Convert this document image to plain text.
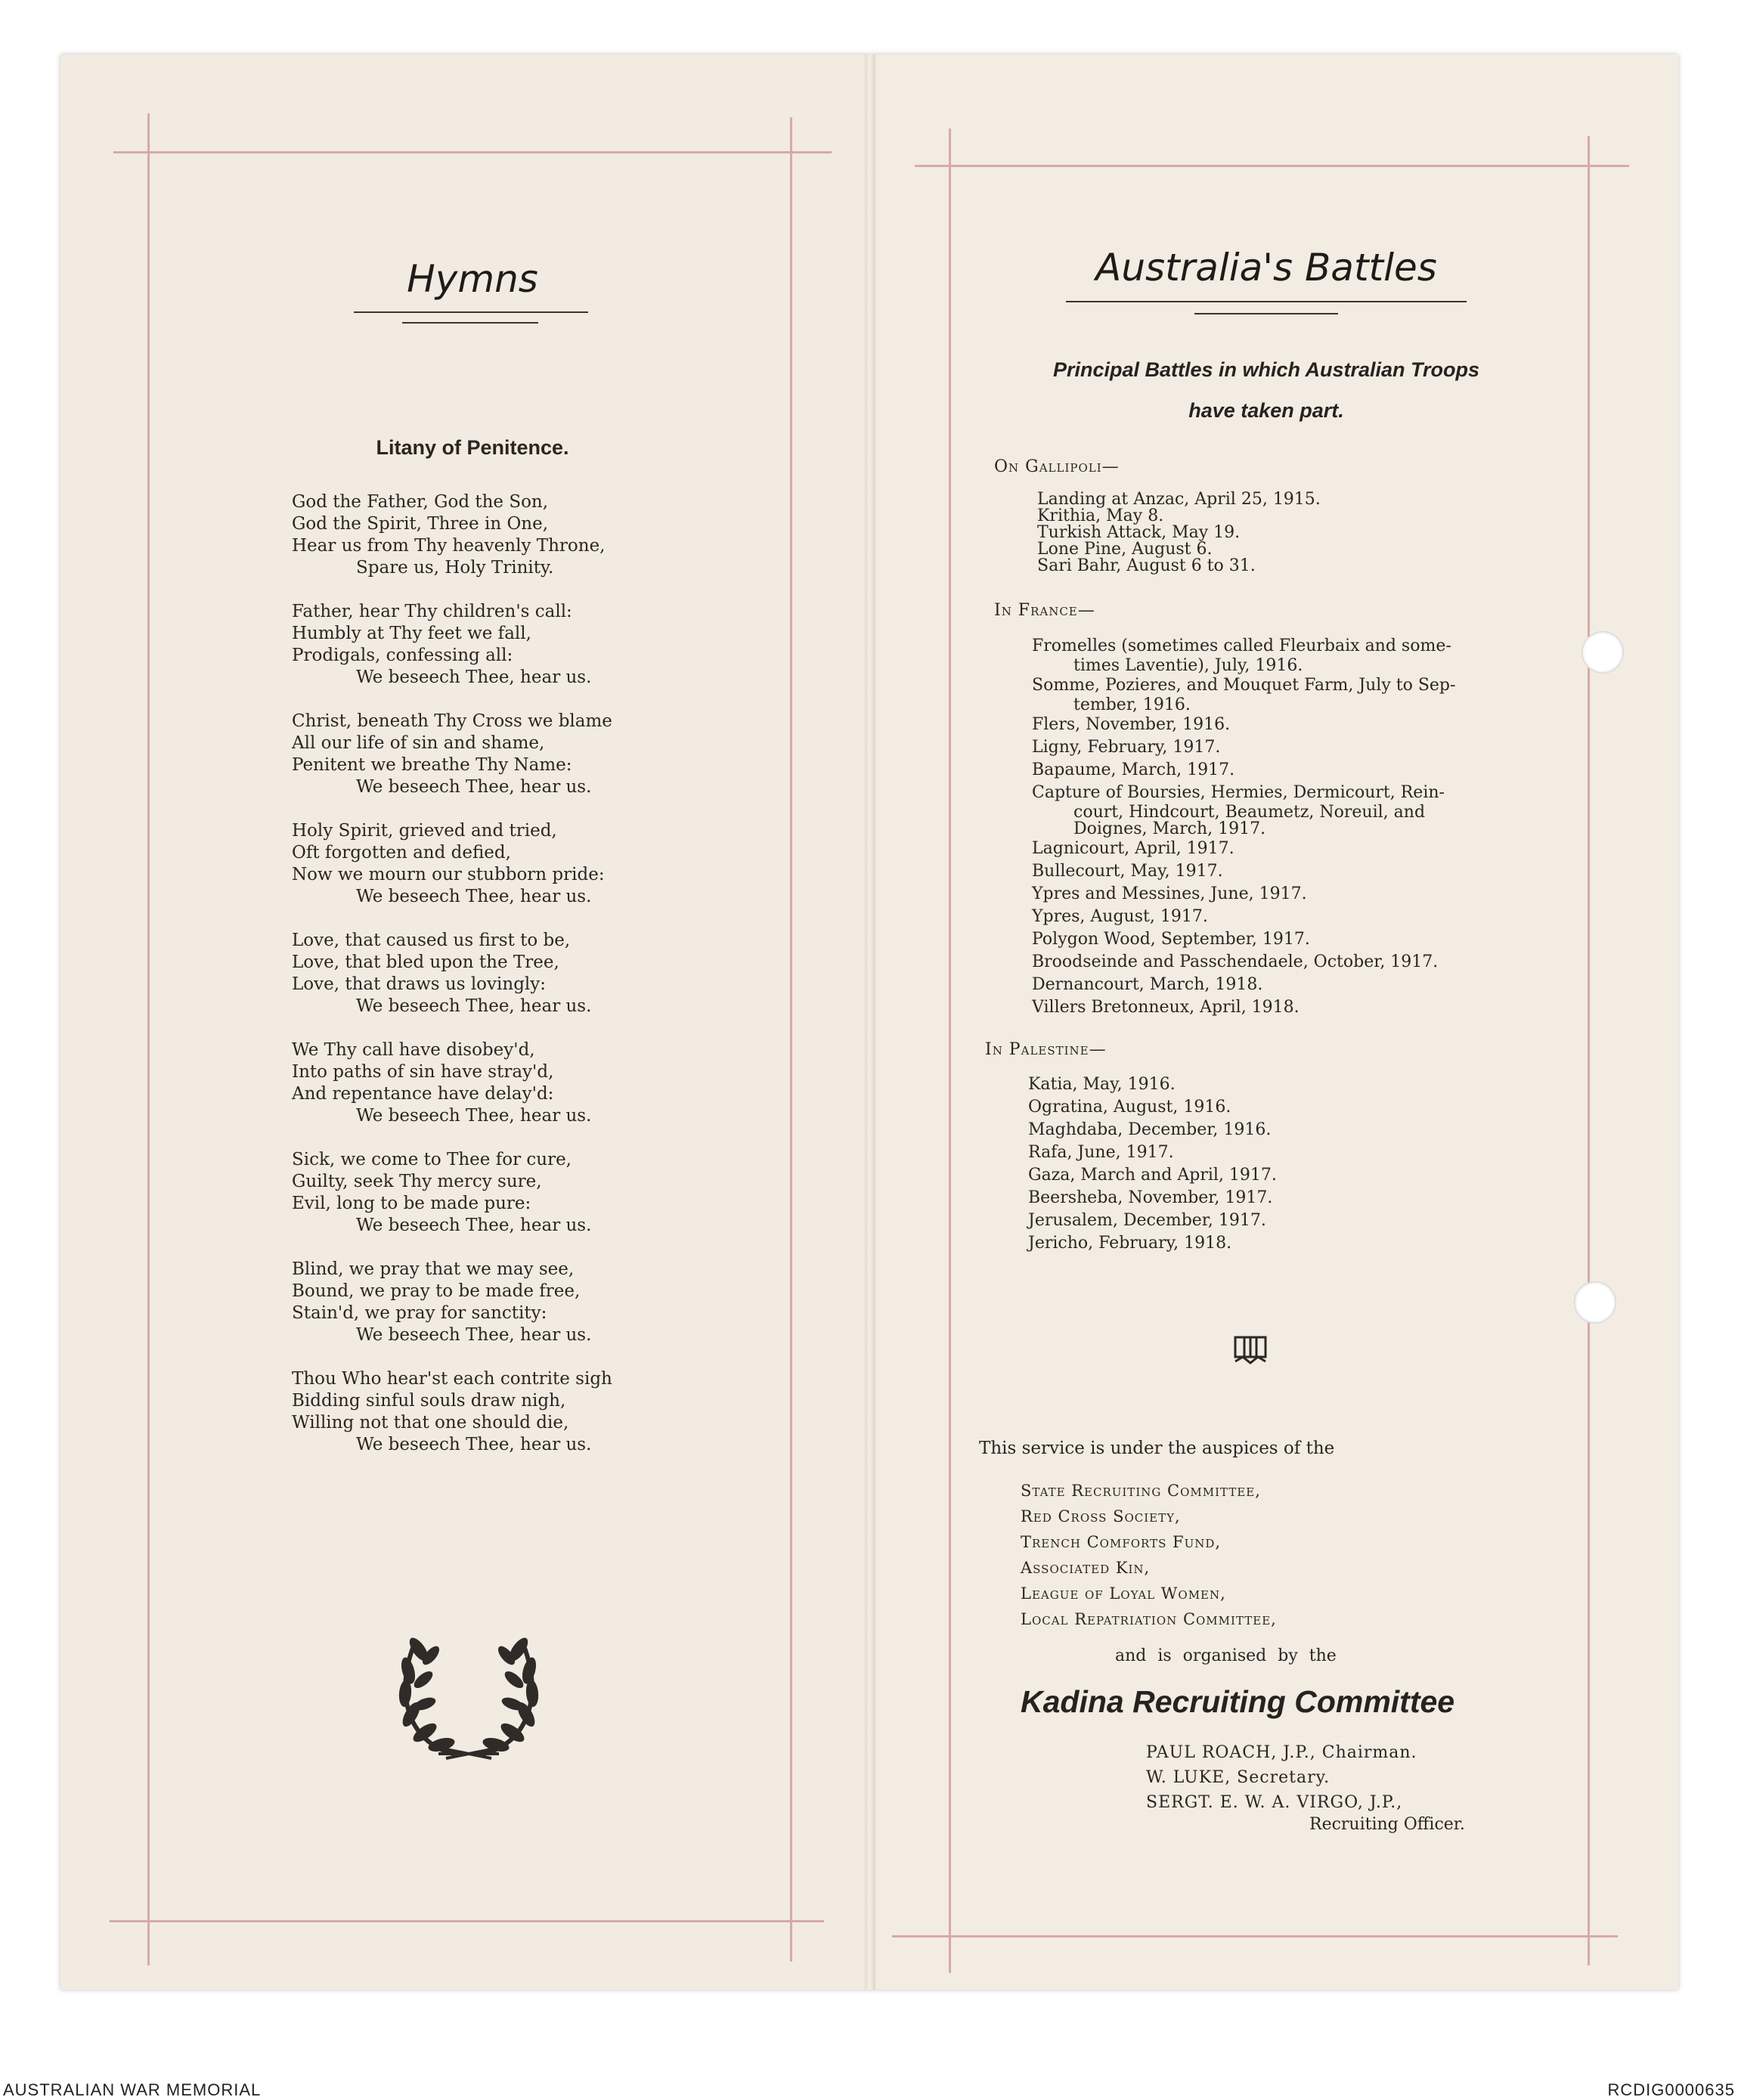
Hymns
Litany of Penitence.
God the Father, God the Son,
God the Spirit, Three in One,
Hear us from Thy heavenly Throne,
Spare us, Holy Trinity.
Father, hear Thy children's call:
Humbly at Thy feet we fall,
Prodigals, confessing all:
We beseech Thee, hear us.
Christ, beneath Thy Cross we blame
All our life of sin and shame,
Penitent we breathe Thy Name:
We beseech Thee, hear us.
Holy Spirit, grieved and tried,
Oft forgotten and defied,
Now we mourn our stubborn pride:
We beseech Thee, hear us.
Love, that caused us first to be,
Love, that bled upon the Tree,
Love, that draws us lovingly:
We beseech Thee, hear us.
We Thy call have disobey'd,
Into paths of sin have stray'd,
And repentance have delay'd:
We beseech Thee, hear us.
Sick, we come to Thee for cure,
Guilty, seek Thy mercy sure,
Evil, long to be made pure:
We beseech Thee, hear us.
Blind, we pray that we may see,
Bound, we pray to be made free,
Stain'd, we pray for sanctity:
We beseech Thee, hear us.
Thou Who hear'st each contrite sigh
Bidding sinful souls draw nigh,
Willing not that one should die,
We beseech Thee, hear us.
Australia's Battles
Principal Battles in which Australian Troops
have taken part.
On Gallipoli—
Landing at Anzac, April 25, 1915.
Krithia, May 8.
Turkish Attack, May 19.
Lone Pine, August 6.
Sari Bahr, August 6 to 31.
In France—
Fromelles (sometimes called Fleurbaix and some-
times Laventie), July, 1916.
Somme, Pozieres, and Mouquet Farm, July to Sep-
tember, 1916.
Flers, November, 1916.
Ligny, February, 1917.
Bapaume, March, 1917.
Capture of Boursies, Hermies, Dermicourt, Rein-
court, Hindcourt, Beaumetz, Noreuil, and
Doignes, March, 1917.
Lagnicourt, April, 1917.
Bullecourt, May, 1917.
Ypres and Messines, June, 1917.
Ypres, August, 1917.
Polygon Wood, September, 1917.
Broodseinde and Passchendaele, October, 1917.
Dernancourt, March, 1918.
Villers Bretonneux, April, 1918.
In Palestine—
Katia, May, 1916.
Ogratina, August, 1916.
Maghdaba, December, 1916.
Rafa, June, 1917.
Gaza, March and April, 1917.
Beersheba, November, 1917.
Jerusalem, December, 1917.
Jericho, February, 1918.
This service is under the auspices of the
State Recruiting Committee,
Red Cross Society,
Trench Comforts Fund,
Associated Kin,
League of Loyal Women,
Local Repatriation Committee,
and is organised by the
Kadina Recruiting Committee
PAUL ROACH, J.P., Chairman.
W. LUKE, Secretary.
SERGT. E. W. A. VIRGO, J.P.,
Recruiting Officer.
AUSTRALIAN WAR MEMORIAL	RCDIG0000635
